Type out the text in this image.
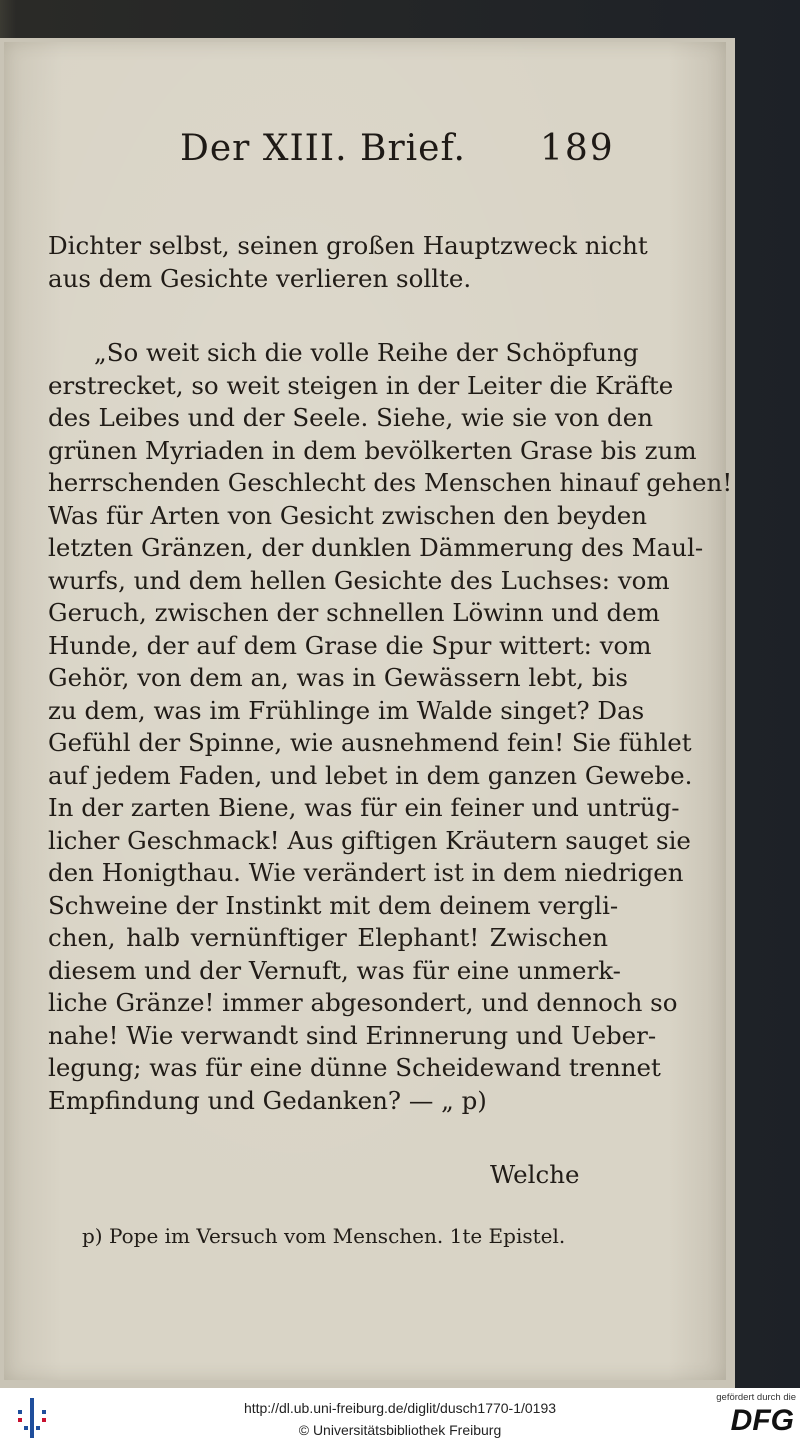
Der XIII. Brief. 189
Dichter selbst, seinen großen Hauptzweck nicht
aus dem Gesichte verlieren sollte.
„So weit sich die volle Reihe der Schöpfung
erstrecket, so weit steigen in der Leiter die Kräfte
des Leibes und der Seele. Siehe, wie sie von den
grünen Myriaden in dem bevölkerten Grase bis zum
herrschenden Geschlecht des Menschen hinauf gehen!
Was für Arten von Gesicht zwischen den beyden
letzten Gränzen, der dunklen Dämmerung des Maul-
wurfs, und dem hellen Gesichte des Luchses: vom
Geruch, zwischen der schnellen Löwinn und dem
Hunde, der auf dem Grase die Spur wittert: vom
Gehör, von dem an, was in Gewässern lebt, bis
zu dem, was im Frühlinge im Walde singet? Das
Gefühl der Spinne, wie ausnehmend fein! Sie fühlet
auf jedem Faden, und lebet in dem ganzen Gewebe.
In der zarten Biene, was für ein feiner und untrüg-
licher Geschmack! Aus giftigen Kräutern sauget sie
den Honigthau. Wie verändert ist in dem niedrigen
Schweine der Instinkt mit dem deinem vergli-
chen, halb vernünftiger Elephant! Zwischen
diesem und der Vernuft, was für eine unmerk-
liche Gränze! immer abgesondert, und dennoch so
nahe! Wie verwandt sind Erinnerung und Ueber-
legung; was für eine dünne Scheidewand trennet
Empfindung und Gedanken? — „ p)
Welche
p) Pope im Versuch vom Menschen. 1te Epistel.
http://dl.ub.uni-freiburg.de/diglit/dusch1770-1/0193
© Universitätsbibliothek Freiburg
gefördert durch die
DFG
